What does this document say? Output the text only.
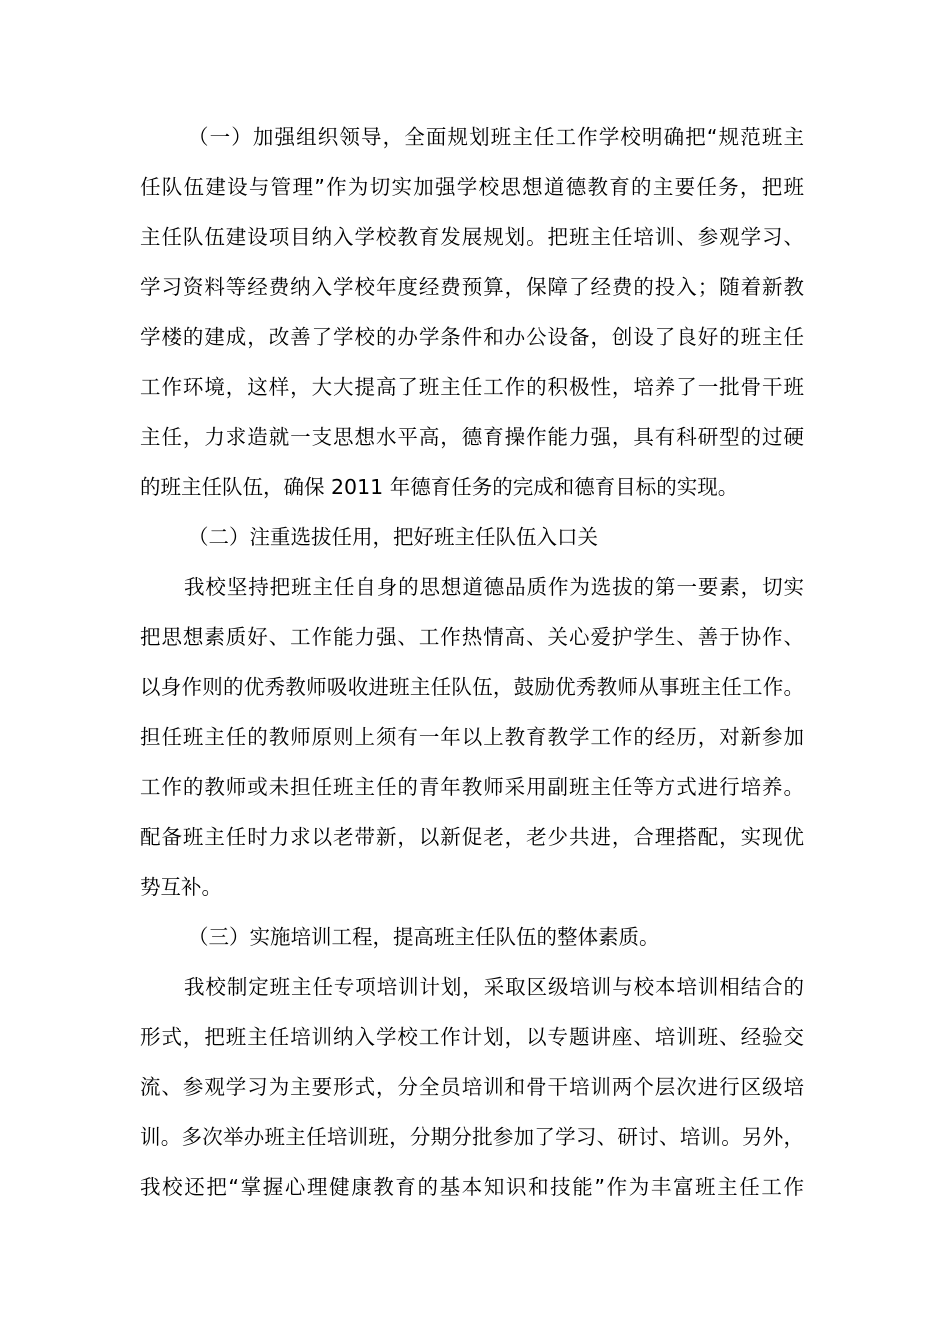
（一）加强组织领导，全面规划班主任工作学校明确把“规范班主
任队伍建设与管理”作为切实加强学校思想道德教育的主要任务，把班
主任队伍建设项目纳入学校教育发展规划。把班主任培训、参观学习、
学习资料等经费纳入学校年度经费预算，保障了经费的投入；随着新教
学楼的建成，改善了学校的办学条件和办公设备，创设了良好的班主任
工作环境，这样，大大提高了班主任工作的积极性，培养了一批骨干班
主任，力求造就一支思想水平高，德育操作能力强，具有科研型的过硬
的班主任队伍，确保 2011 年德育任务的完成和德育目标的实现。
（二）注重选拔任用，把好班主任队伍入口关
我校坚持把班主任自身的思想道德品质作为选拔的第一要素，切实
把思想素质好、工作能力强、工作热情高、关心爱护学生、善于协作、
以身作则的优秀教师吸收进班主任队伍，鼓励优秀教师从事班主任工作。
担任班主任的教师原则上须有一年以上教育教学工作的经历，对新参加
工作的教师或未担任班主任的青年教师采用副班主任等方式进行培养。
配备班主任时力求以老带新，以新促老，老少共进，合理搭配，实现优
势互补。
（三）实施培训工程，提高班主任队伍的整体素质。
我校制定班主任专项培训计划，采取区级培训与校本培训相结合的
形式，把班主任培训纳入学校工作计划，以专题讲座、培训班、经验交
流、参观学习为主要形式，分全员培训和骨干培训两个层次进行区级培
训。多次举办班主任培训班，分期分批参加了学习、研讨、培训。另外，
我校还把“掌握心理健康教育的基本知识和技能”作为丰富班主任工作
